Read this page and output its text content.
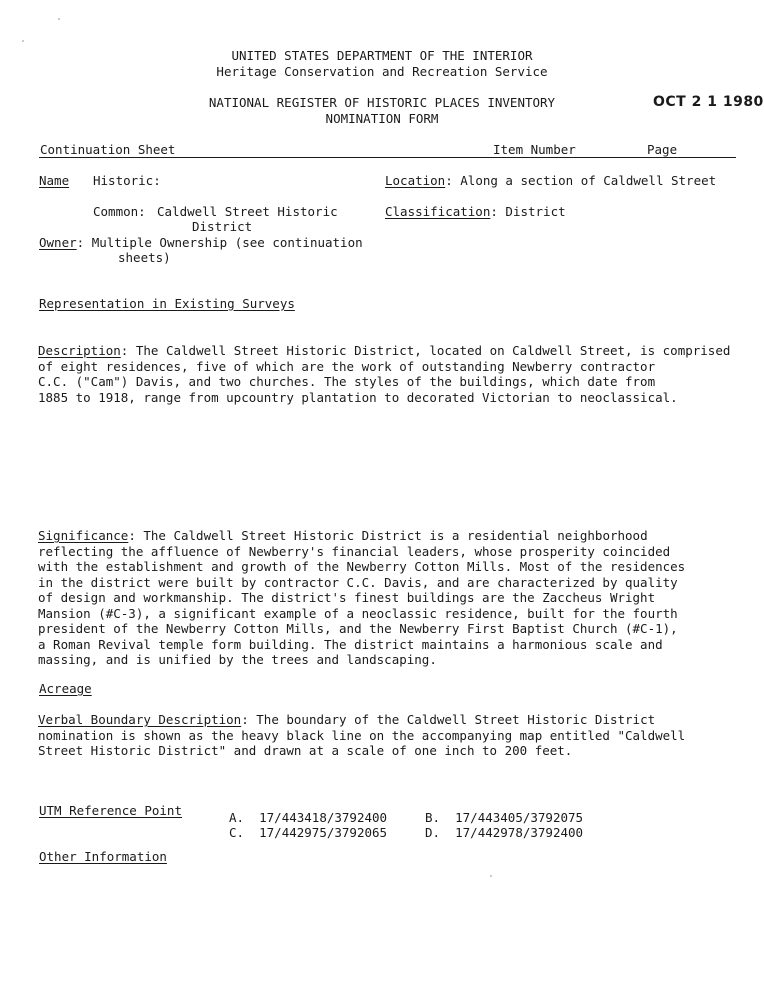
UNITED STATES DEPARTMENT OF THE INTERIOR
Heritage Conservation and Recreation Service
NATIONAL REGISTER OF HISTORIC PLACES INVENTORY
NOMINATION FORM
OCT 2 1 1980
Continuation Sheet	Item Number	Page
Name Historic:
Common: Caldwell Street Historic
District
Owner: Multiple Ownership (see continuation
sheets)
Location: Along a section of Caldwell Street
Classification: District
Representation in Existing Surveys
Description: The Caldwell Street Historic District, located on Caldwell Street, is comprised
of eight residences, five of which are the work of outstanding Newberry contractor
C.C. ("Cam") Davis, and two churches. The styles of the buildings, which date from
1885 to 1918, range from upcountry plantation to decorated Victorian to neoclassical.
Significance: The Caldwell Street Historic District is a residential neighborhood
reflecting the affluence of Newberry's financial leaders, whose prosperity coincided
with the establishment and growth of the Newberry Cotton Mills. Most of the residences
in the district were built by contractor C.C. Davis, and are characterized by quality
of design and workmanship. The district's finest buildings are the Zaccheus Wright
Mansion (#C-3), a significant example of a neoclassic residence, built for the fourth
president of the Newberry Cotton Mills, and the Newberry First Baptist Church (#C-1),
a Roman Revival temple form building. The district maintains a harmonious scale and
massing, and is unified by the trees and landscaping.
Acreage
Verbal Boundary Description: The boundary of the Caldwell Street Historic District
nomination is shown as the heavy black line on the accompanying map entitled "Caldwell
Street Historic District" and drawn at a scale of one inch to 200 feet.
UTM Reference Point	A. 17/443418/3792400	B. 17/443405/3792075
C. 17/442975/3792065	D. 17/442978/3792400
Other Information
